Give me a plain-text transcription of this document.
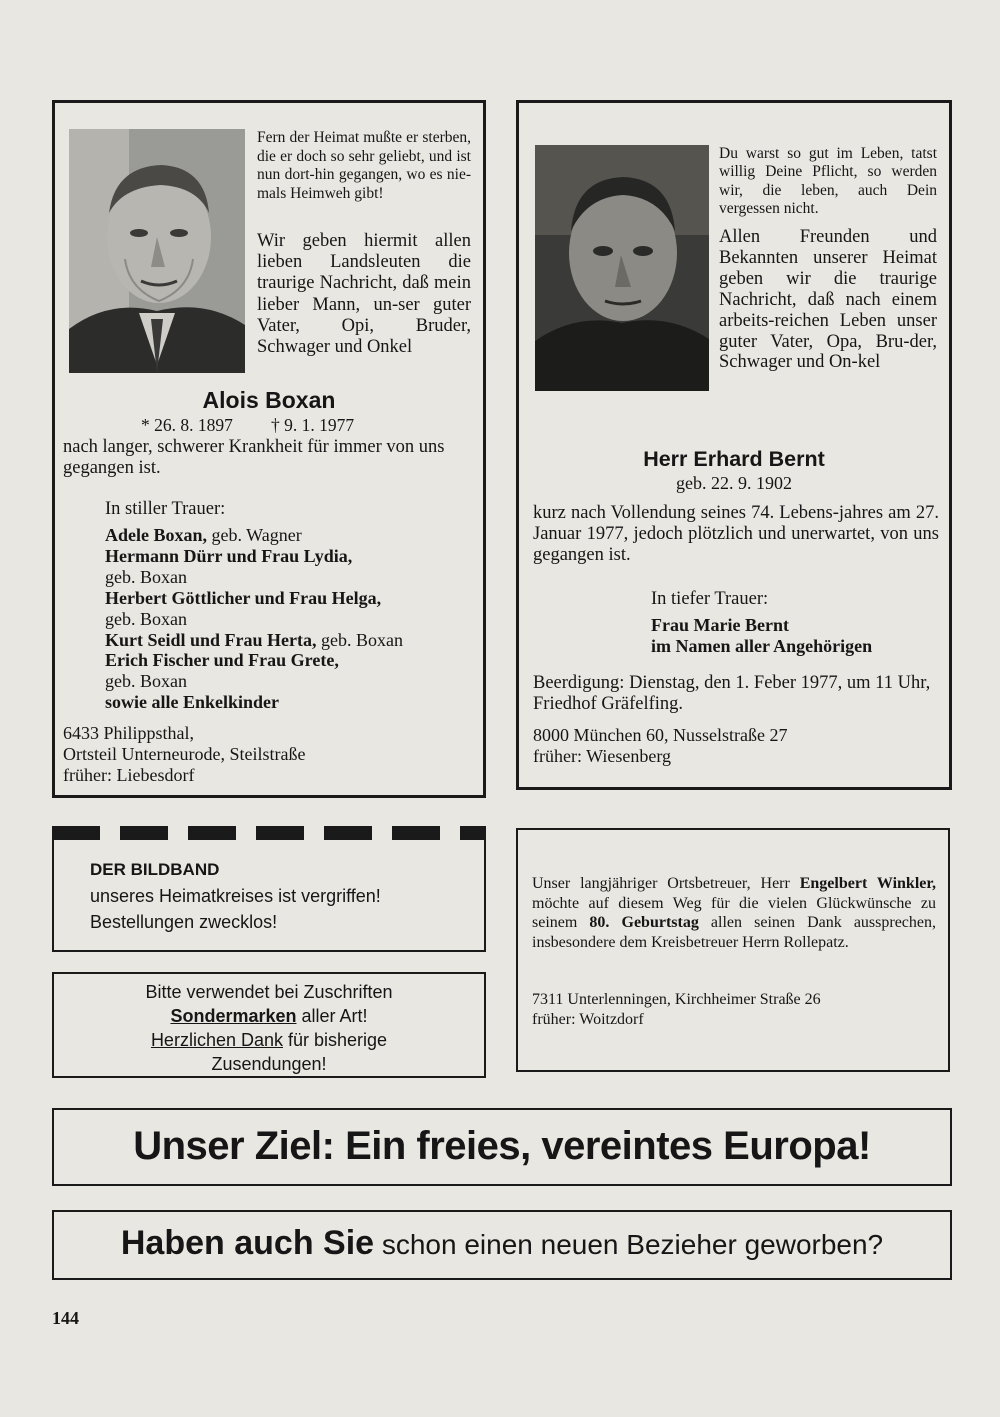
Fern der Heimat mußte er sterben, die er doch so sehr geliebt, und ist nun dort-hin gegangen, wo es nie-mals Heimweh gibt!

Wir geben hiermit allen lieben Landsleuten die traurige Nachricht, daß mein lieber Mann, un-ser guter Vater, Opi, Bruder, Schwager und Onkel

Alois Boxan
* 26. 8. 1897 † 9. 1. 1977

nach langer, schwerer Krankheit für immer von uns gegangen ist.

In stiller Trauer:
Adele Boxan, geb. Wagner
Hermann Dürr und Frau Lydia,
geb. Boxan
Herbert Göttlicher und Frau Helga,
geb. Boxan
Kurt Seidl und Frau Herta, geb. Boxan
Erich Fischer und Frau Grete,
geb. Boxan
sowie alle Enkelkinder
6433 Philippsthal,
Ortsteil Unterneurode, Steilstraße
früher: Liebesdorf

Du warst so gut im Leben, tatst willig Deine Pflicht, so werden wir, die leben, auch Dein vergessen nicht.

Allen Freunden und Bekannten unserer Heimat geben wir die traurige Nachricht, daß nach einem arbeits-reichen Leben unser guter Vater, Opa, Bru-der, Schwager und On-kel

Herr Erhard Bernt
geb. 22. 9. 1902

kurz nach Vollendung seines 74. Lebens-jahres am 27. Januar 1977, jedoch plötzlich und unerwartet, von uns gegangen ist.

In tiefer Trauer:
Frau Marie Bernt
im Namen aller Angehörigen

Beerdigung: Dienstag, den 1. Feber 1977, um 11 Uhr, Friedhof Gräfelfing.

8000 München 60, Nusselstraße 27
früher: Wiesenberg
DER BILDBAND
unseres Heimatkreises ist vergriffen!
Bestellungen zwecklos!
Bitte verwendet bei Zuschriften
Sondermarken aller Art!
Herzlichen Dank für bisherige
Zusendungen!

Unser langjähriger Ortsbetreuer, Herr Engelbert Winkler, möchte auf diesem Weg für die vielen Glückwünsche zu seinem 80. Geburtstag allen seinen Dank aussprechen, insbesondere dem Kreisbetreuer Herrn Rollepatz.

7311 Unterlenningen, Kirchheimer Straße 26
früher: Woitzdorf
Unser Ziel: Ein freies, vereintes Europa!
Haben auch Sie schon einen neuen Bezieher geworben?
144
